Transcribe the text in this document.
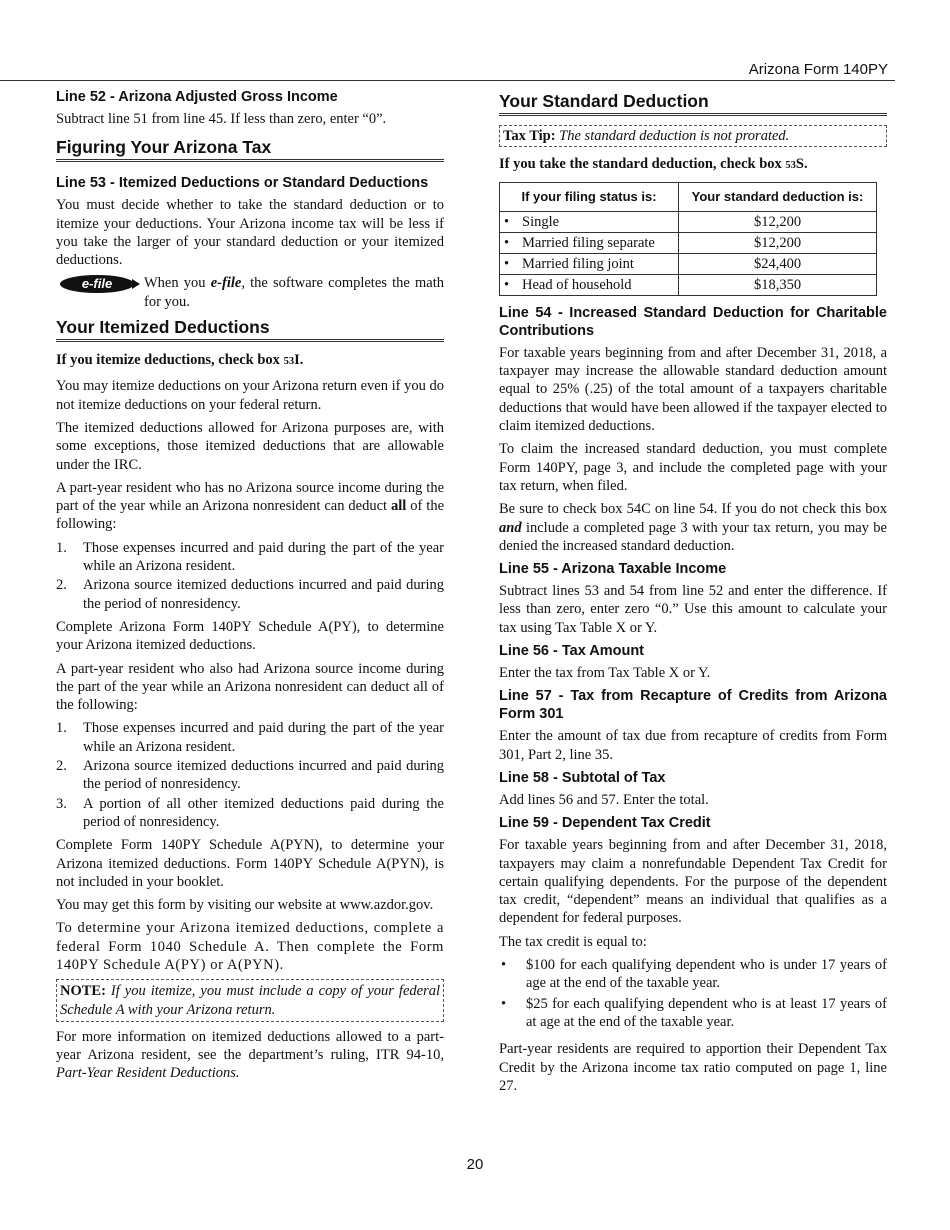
Arizona Form 140PY
Line 52 - Arizona Adjusted Gross Income

Subtract line 51 from line 45. If less than zero, enter “0”.

Figuring Your Arizona Tax
Line 53 - Itemized Deductions or Standard Deductions

You must decide whether to take the standard deduction or to itemize your deductions. Your Arizona income tax will be less if you take the larger of your standard deduction or your itemized deductions.

e-file	When you e-file, the software completes the math for you.
Your Itemized Deductions

If you itemize deductions, check box 53I.

You may itemize deductions on your Arizona return even if you do not itemize deductions on your federal return.

The itemized deductions allowed for Arizona purposes are, with some exceptions, those itemized deductions that are allowable under the IRC.

A part-year resident who has no Arizona source income during the part of the year while an Arizona nonresident can deduct all of the following:

1. Those expenses incurred and paid during the part of the year while an Arizona resident.
2. Arizona source itemized deductions incurred and paid during the period of nonresidency.

Complete Arizona Form 140PY Schedule A(PY), to determine your Arizona itemized deductions.

A part-year resident who also had Arizona source income during the part of the year while an Arizona nonresident can deduct all of the following:

1. Those expenses incurred and paid during the part of the year while an Arizona resident.
2. Arizona source itemized deductions incurred and paid during the period of nonresidency.
3. A portion of all other itemized deductions paid during the period of nonresidency.

Complete Form 140PY Schedule A(PYN), to determine your Arizona itemized deductions. Form 140PY Schedule A(PYN), is not included in your booklet.

You may get this form by visiting our website at www.azdor.gov.

To determine your Arizona itemized deductions, complete a federal Form 1040 Schedule A. Then complete the Form 140PY Schedule A(PY) or A(PYN).

NOTE: If you itemize, you must include a copy of your federal Schedule A with your Arizona return.

For more information on itemized deductions allowed to a part-year Arizona resident, see the department’s ruling, ITR 94-10, Part-Year Resident Deductions.

Your Standard Deduction
Tax Tip: The standard deduction is not prorated.

If you take the standard deduction, check box 53S.

If your filing status is:	Your standard deduction is:
• Single	$12,200
• Married filing separate	$12,200
• Married filing joint	$24,400
• Head of household	$18,350
Line 54 - Increased Standard Deduction for Charitable Contributions

For taxable years beginning from and after December 31, 2018, a taxpayer may increase the allowable standard deduction amount equal to 25% (.25) of the total amount of a taxpayers charitable deductions that would have been allowed if the taxpayer elected to claim itemized deductions.

To claim the increased standard deduction, you must complete Form 140PY, page 3, and include the completed page with your tax return, when filed.

Be sure to check box 54C on line 54. If you do not check this box and include a completed page 3 with your tax return, you may be denied the increased standard deduction.

Line 55 - Arizona Taxable Income

Subtract lines 53 and 54 from line 52 and enter the difference. If less than zero, enter zero “0.” Use this amount to calculate your tax using Tax Table X or Y.

Line 56 - Tax Amount

Enter the tax from Tax Table X or Y.

Line 57 - Tax from Recapture of Credits from Arizona Form 301

Enter the amount of tax due from recapture of credits from Form 301, Part 2, line 35.

Line 58 - Subtotal of Tax

Add lines 56 and 57. Enter the total.

Line 59 - Dependent Tax Credit

For taxable years beginning from and after December 31, 2018, taxpayers may claim a nonrefundable Dependent Tax Credit for certain qualifying dependents. For the purpose of the dependent tax credit, “dependent” means an individual that qualifies as a dependent for federal purposes.

The tax credit is equal to:

• $100 for each qualifying dependent who is under 17 years of age at the end of the taxable year.
• $25 for each qualifying dependent who is at least 17 years of at age at the end of the taxable year.

Part-year residents are required to apportion their Dependent Tax Credit by the Arizona income tax ratio computed on page 1, line 27.

20
